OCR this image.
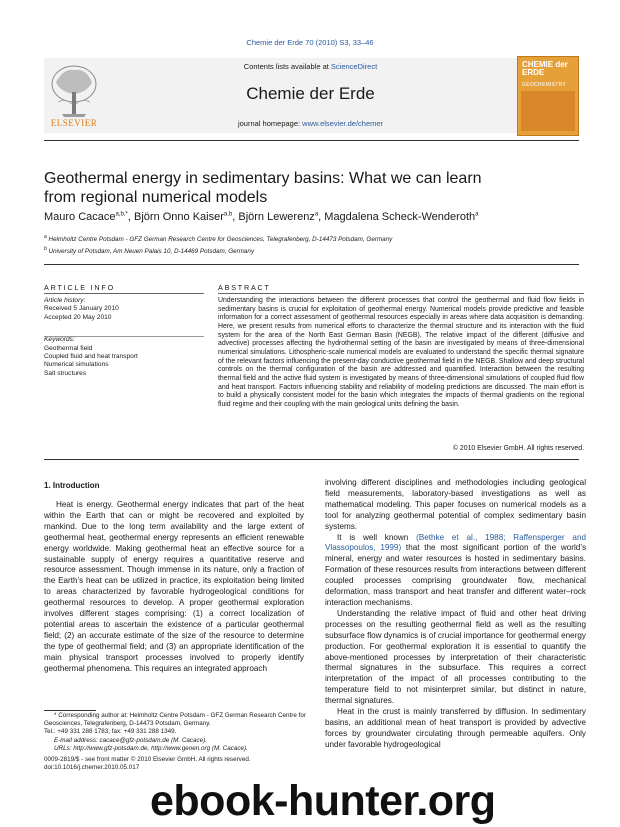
Chemie der Erde 70 (2010) S3, 33–46
ELSEVIER
Contents lists available at ScienceDirect
Chemie der Erde
journal homepage: www.elsevier.de/chemer
CHEMIE der ERDE
GEOCHEMISTRY
Geothermal energy in sedimentary basins: What we can learn from regional numerical models
Mauro Cacace$^{a,b,*}$, Björn Onno Kaiser$^{a,b}$, Björn Lewerenz$^a$, Magdalena Scheck-Wenderoth$^a$
$^a$ Helmholtz Centre Potsdam - GFZ German Research Centre for Geosciences, Telegrafenberg, D-14473 Potsdam, Germany
$^b$ University of Potsdam, Am Neuen Palais 10, D-14469 Potsdam, Germany
ARTICLE INFO	ABSTRACT
Article history:
Received 5 January 2010
Accepted 20 May 2010
Keywords:
Geothermal field
Coupled fluid and heat transport
Numerical simulations
Salt structures
Understanding the interactions between the different processes that control the geothermal and fluid flow fields in sedimentary basins is crucial for exploitation of geothermal energy. Numerical models provide predictive and feasible information for a correct assessment of geothermal resources especially in areas where data acquisition is demanding. Here, we present results from numerical efforts to characterize the thermal structure and its interaction with the fluid system for the area of the North East German Basin (NEGB). The relative impact of the different (diffusive and advective) processes affecting the hydrothermal setting of the basin are investigated by means of three-dimensional numerical simulations. Lithospheric-scale numerical models are evaluated to understand the specific thermal signature of the relevant factors influencing the present-day conductive geothermal field in the NEGB. Shallow and deep structural controls on the thermal configuration of the basin are addressed and quantified. Interaction between the resulting thermal field and the active fluid system is investigated by means of three-dimensional simulations of coupled fluid flow and heat transport. Factors influencing stability and reliability of modeling predictions are discussed. The main effort is to build a physically consistent model for the basin which integrates the impacts of thermal gradients on the regional fluid regime and their coupling with the main geological units defining the basin.
© 2010 Elsevier GmbH. All rights reserved.
1. Introduction

Heat is energy. Geothermal energy indicates that part of the heat within the Earth that can or might be recovered and exploited by mankind. Due to the long term availability and the large extent of geothermal heat, geothermal energy represents an efficient renewable energy worldwide. Making geothermal heat an effective source for a sustainable supply of energy requires a quantitative reserve and resource assessment. Though immense in its nature, only a fraction of the Earth’s heat can be utilized in practice, its exploitation being limited to areas characterized by favorable hydrogeological conditions for geothermal resources to develop. A proper geothermal exploration involves different stages comprising: (1) a correct localization of potential areas to ascertain the existence of a particular geothermal field; (2) an accurate estimate of the size of the resource to determine the type of geothermal field; and (3) an appropriate identification of the main physical transport processes involved to properly identify geothermal phenomena. This requires an integrated approach

involving different disciplines and methodologies including geological field measurements, laboratory-based investigations as well as mathematical modeling. This paper focuses on numerical models as a tool for analyzing geothermal potential of complex sedimentary basin systems.

It is well known (Bethke et al., 1988; Raffensperger and Vlassopoulos, 1999) that the most significant portion of the world’s mineral, energy and water resources is hosted in sedimentary basins. Formation of these resources results from interactions between different coupled processes comprising groundwater flow, mechanical deformation, mass transport and heat transfer and different water–rock interaction mechanisms.

Understanding the relative impact of fluid and other heat driving processes on the resulting geothermal field as well as the resulting subsurface flow dynamics is of crucial importance for geothermal energy production. For geothermal exploration it is essential to quantify the above-mentioned processes by interpretation of their characteristic thermal signatures in the subsurface. This requires a correct interpretation of the impact of all processes contributing to the temperature field to not misinterpret similar, but distinct in nature, thermal signatures.

Heat in the crust is mainly transferred by diffusion. In sedimentary basins, an additional mean of heat transport is provided by advective forces by groundwater circulating through permeable aquifers. Only under favorable hydrogeological

* Corresponding author at: Helmholtz Centre Potsdam - GFZ German Research Centre for Geosciences, Telegrafenberg, D-14473 Potsdam, Germany.
Tel.: +49 331 288 1783; fax: +49 331 288 1349.
E-mail address: cacace@gfz-potsdam.de (M. Cacace).
URLs: http://www.gfz-potsdam.de, http://www.geoen.org (M. Cacace).
0009-2819/$ - see front matter © 2010 Elsevier GmbH. All rights reserved.
doi:10.1016/j.chemer.2010.05.017
ebook-hunter.org
